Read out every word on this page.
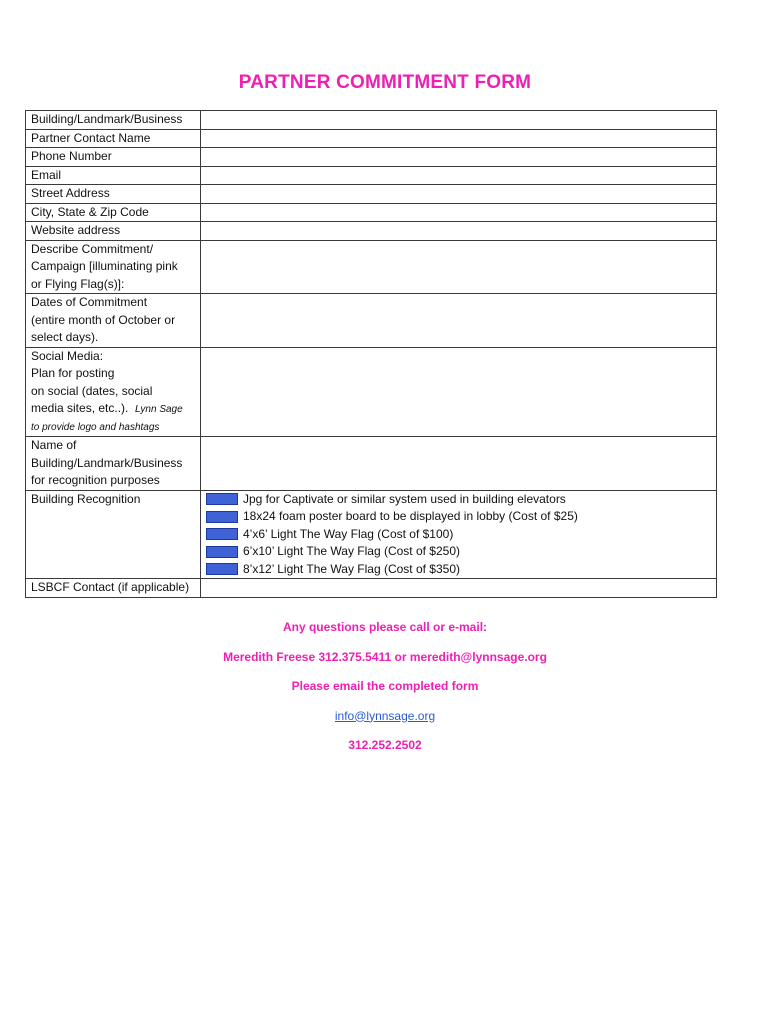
PARTNER COMMITMENT FORM
Building/Landmark/Business	
Partner Contact Name	
Phone Number	
Email	
Street Address	
City, State & Zip Code	
Website address	

Describe Commitment/
Campaign [illuminating pink
or Flying Flag(s)]:	

Dates of Commitment
(entire month of October or
select days).	

Social Media:
Plan for posting
on social (dates, social
media sites, etc..). Lynn Sage
to provide logo and hashtags	

Name of
Building/Landmark/Business
for recognition purposes	

Building Recognition	Jpg for Captivate or similar system used in building elevators
18x24 foam poster board to be displayed in lobby (Cost of $25)
4’x6’ Light The Way Flag (Cost of $100)
6’x10’ Light The Way Flag (Cost of $250)
8’x12’ Light The Way Flag (Cost of $350)

LSBCF Contact (if applicable)	
Any questions please call or e-mail:
Meredith Freese 312.375.5411 or meredith@lynnsage.org
Please email the completed form
info@lynnsage.org
312.252.2502
